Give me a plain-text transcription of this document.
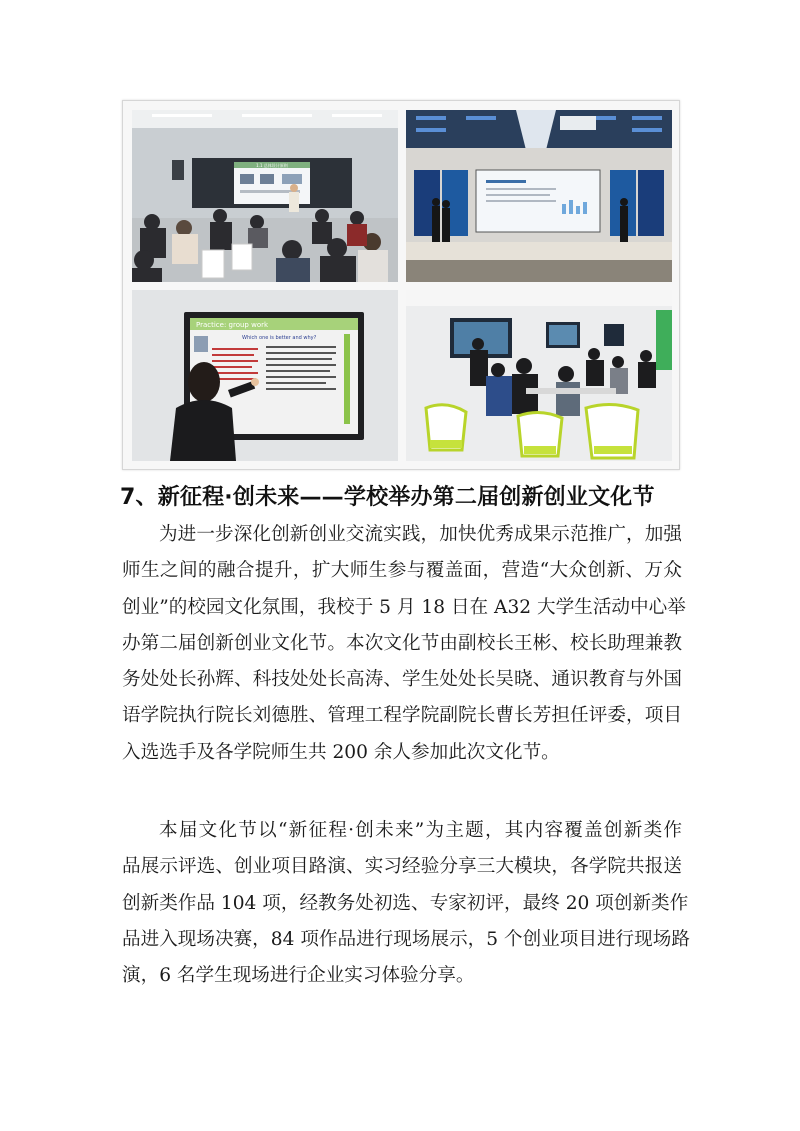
1.1 总体设计原则
Practice: group work
Which one is better and why?
7、新征程·创未来——学校举办第二届创新创业文化节
为进一步深化创新创业交流实践，加快优秀成果示范推广，加强
师生之间的融合提升，扩大师生参与覆盖面，营造“大众创新、万众
创业”的校园文化氛围，我校于 5 月 18 日在 A32 大学生活动中心举
办第二届创新创业文化节。本次文化节由副校长王彬、校长助理兼教
务处处长孙辉、科技处处长高涛、学生处处长吴晓、通识教育与外国
语学院执行院长刘德胜、管理工程学院副院长曹长芳担任评委，项目
入选选手及各学院师生共 200 余人参加此次文化节。
本届文化节以“新征程·创未来”为主题，其内容覆盖创新类作
品展示评选、创业项目路演、实习经验分享三大模块，各学院共报送
创新类作品 104 项，经教务处初选、专家初评，最终 20 项创新类作
品进入现场决赛，84 项作品进行现场展示，5 个创业项目进行现场路
演，6 名学生现场进行企业实习体验分享。
